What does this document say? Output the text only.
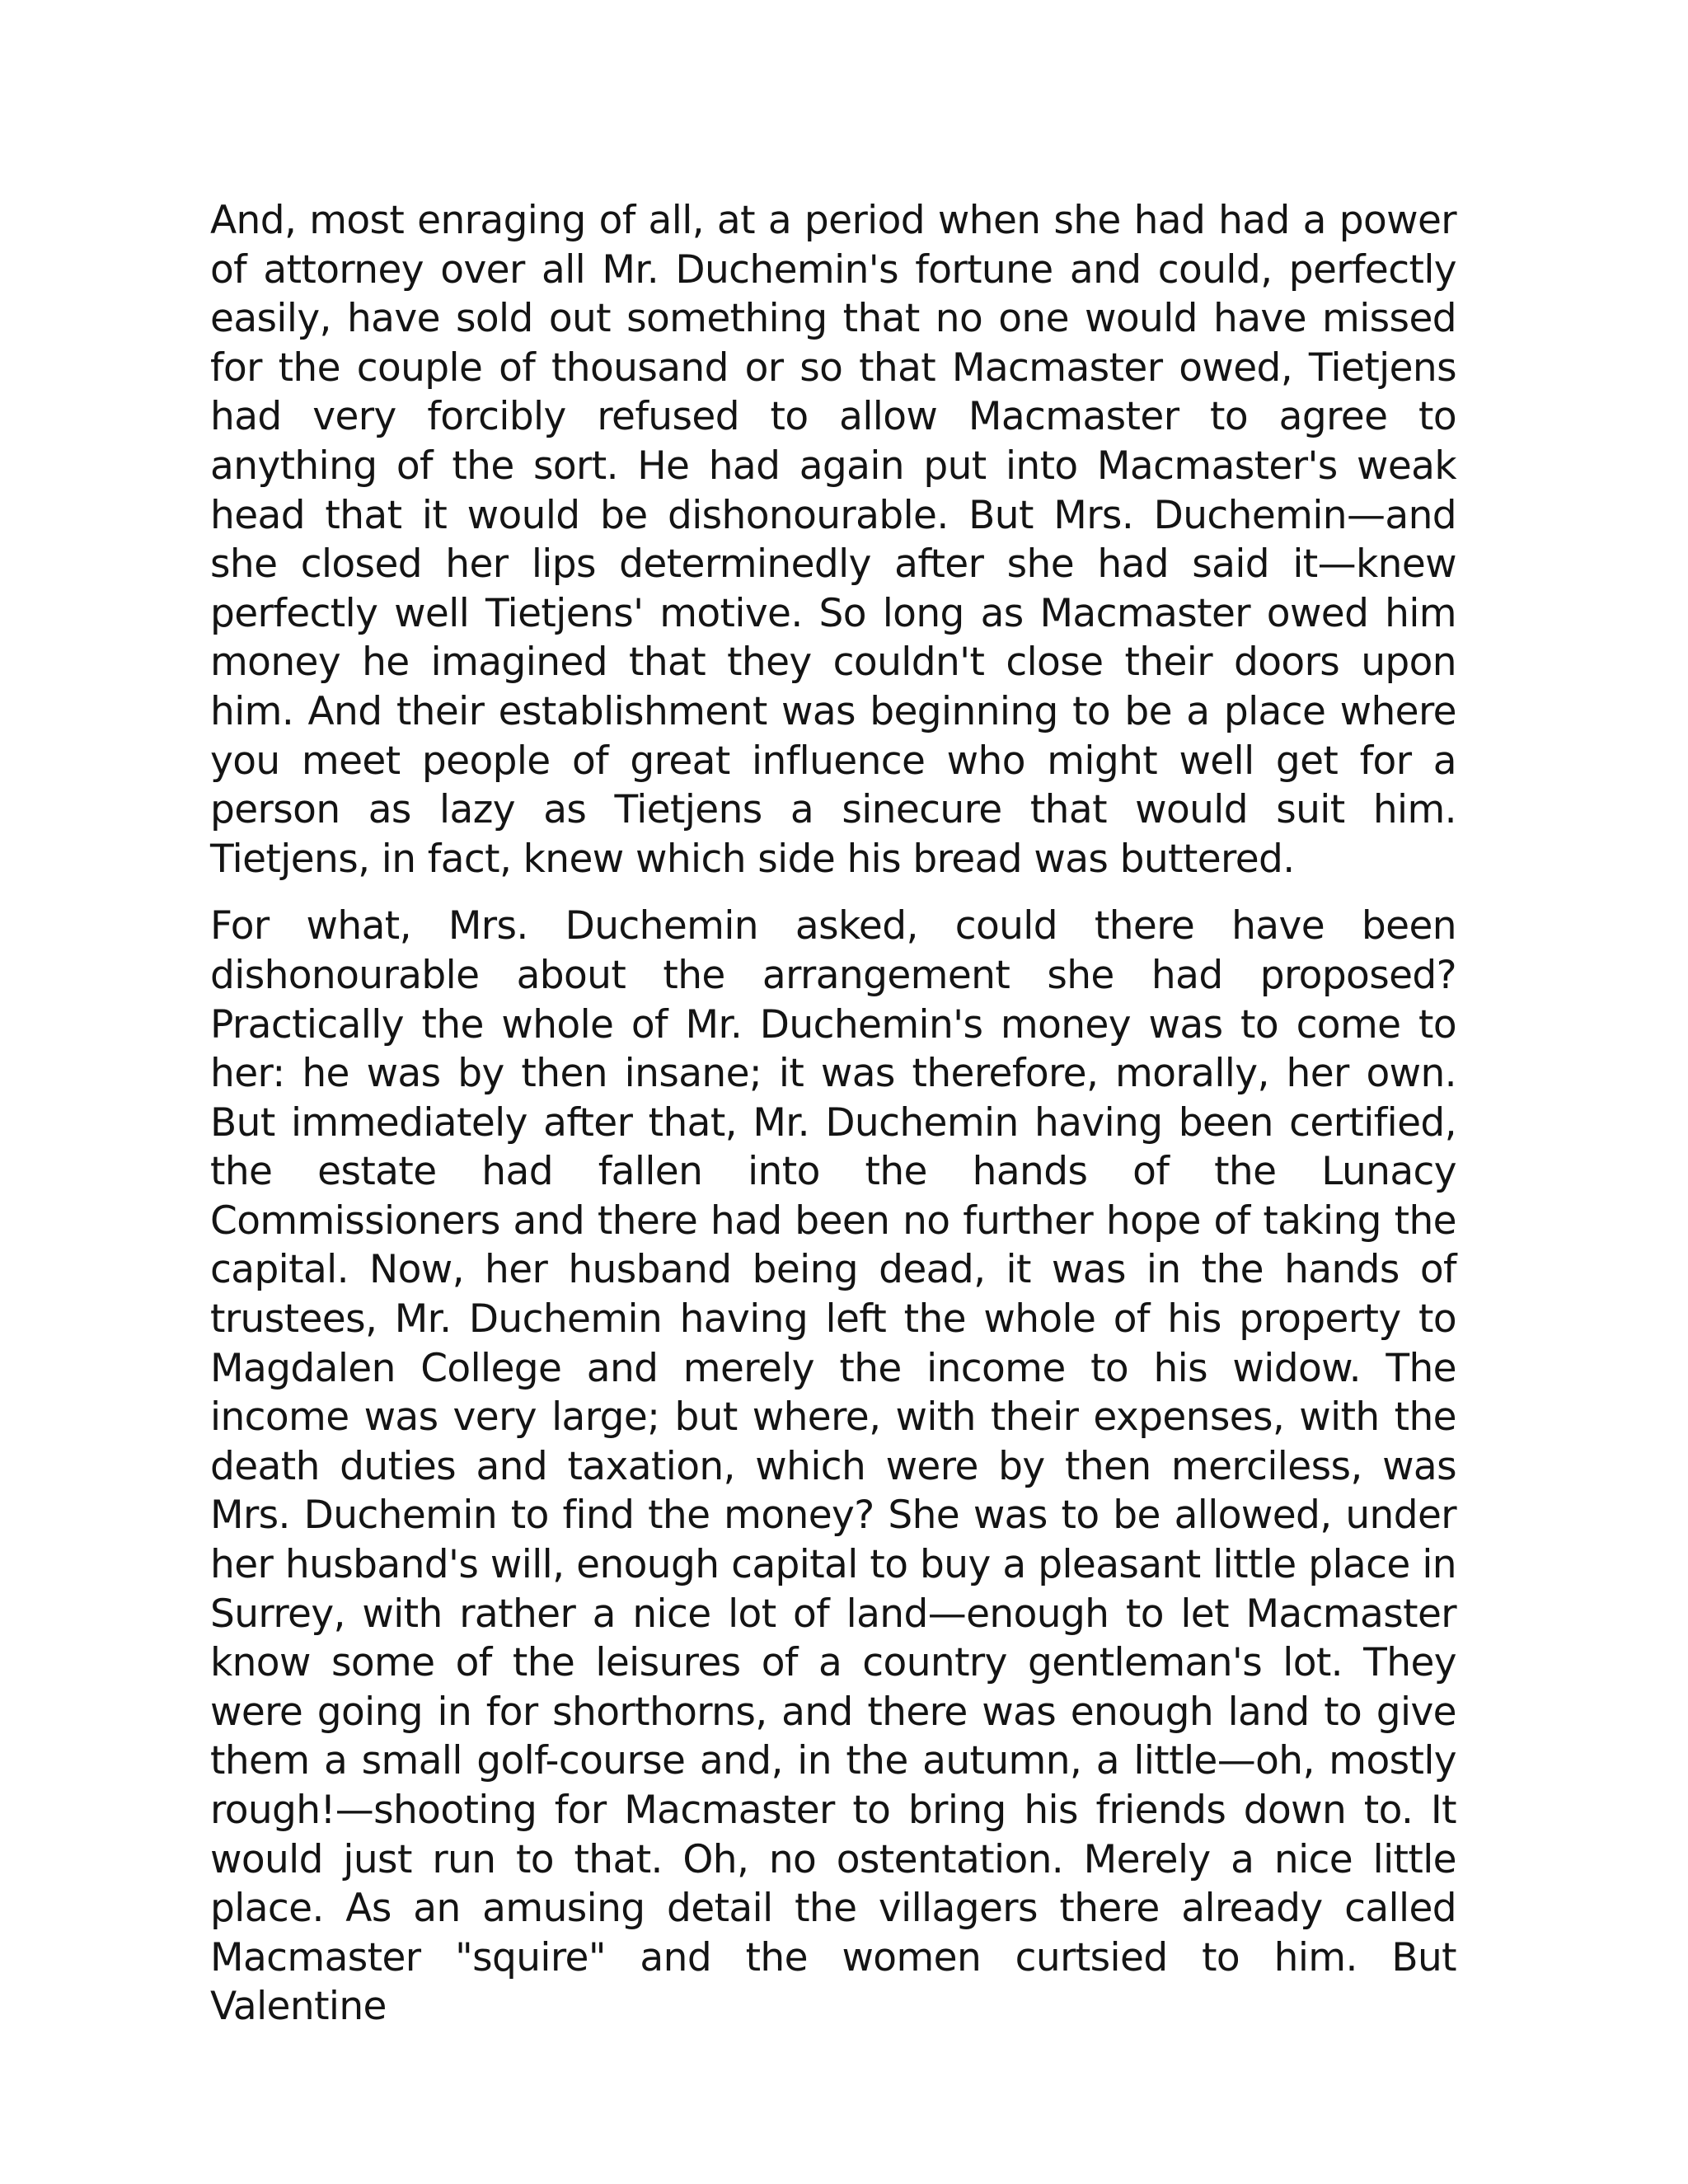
And, most enraging of all, at a period when she had had a power of attorney over all Mr. Duchemin's fortune and could, perfectly easily, have sold out something that no one would have missed for the couple of thousand or so that Macmaster owed, Tietjens had very forcibly refused to allow Macmaster to agree to anything of the sort. He had again put into Macmaster's weak head that it would be dishonourable. But Mrs. Duchemin—and she closed her lips determinedly after she had said it—knew perfectly well Tietjens' motive. So long as Macmaster owed him money he imagined that they couldn't close their doors upon him. And their establishment was beginning to be a place where you meet people of great influence who might well get for a person as lazy as Tietjens a sinecure that would suit him. Tietjens, in fact, knew which side his bread was buttered.

For what, Mrs. Duchemin asked, could there have been dishonourable about the arrangement she had proposed? Practically the whole of Mr. Duchemin's money was to come to her: he was by then insane; it was therefore, morally, her own. But immediately after that, Mr. Duchemin having been certified, the estate had fallen into the hands of the Lunacy Commissioners and there had been no further hope of taking the capital. Now, her husband being dead, it was in the hands of trustees, Mr. Duchemin having left the whole of his property to Magdalen College and merely the income to his widow. The income was very large; but where, with their expenses, with the death duties and taxation, which were by then merciless, was Mrs. Duchemin to find the money? She was to be allowed, under her husband's will, enough capital to buy a pleasant little place in Surrey, with rather a nice lot of land—enough to let Macmaster know some of the leisures of a country gentleman's lot. They were going in for shorthorns, and there was enough land to give them a small golf-course and, in the autumn, a little—oh, mostly rough!—shooting for Macmaster to bring his friends down to. It would just run to that. Oh, no ostentation. Merely a nice little place. As an amusing detail the villagers there already called Macmaster "squire" and the women curtsied to him. But Valentine
